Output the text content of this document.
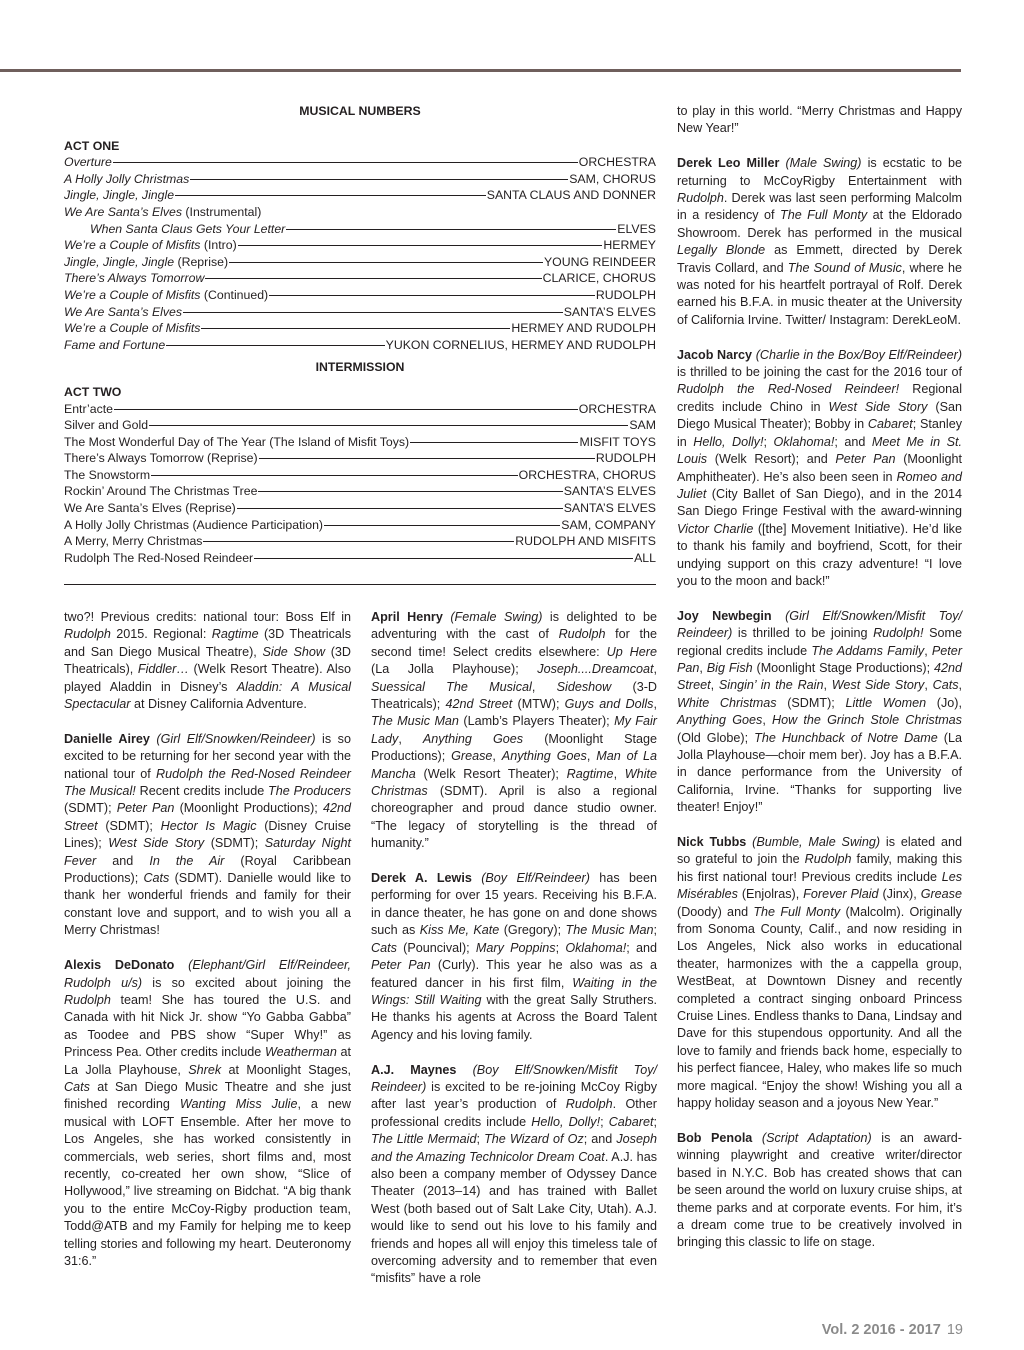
MUSICAL NUMBERS
ACT ONE
Overture	ORCHESTRA
A Holly Jolly Christmas	SAM, CHORUS
Jingle, Jingle, Jingle	SANTA CLAUS AND DONNER
We Are Santa’s Elves (Instrumental)
When Santa Claus Gets Your Letter	ELVES
We’re a Couple of Misfits (Intro)	HERMEY
Jingle, Jingle, Jingle (Reprise)	YOUNG REINDEER
There’s Always Tomorrow	CLARICE, CHORUS
We’re a Couple of Misfits (Continued)	RUDOLPH
We Are Santa’s Elves	SANTA’S ELVES
We’re a Couple of Misfits	HERMEY AND RUDOLPH
Fame and Fortune	YUKON CORNELIUS, HERMEY AND RUDOLPH
INTERMISSION
ACT TWO
Entr’acte	ORCHESTRA
Silver and Gold	SAM
The Most Wonderful Day of The Year (The Island of Misfit Toys)	MISFIT TOYS
There’s Always Tomorrow (Reprise)	RUDOLPH
The Snowstorm	ORCHESTRA, CHORUS
Rockin’ Around The Christmas Tree	SANTA’S ELVES
We Are Santa’s Elves (Reprise)	SANTA’S ELVES
A Holly Jolly Christmas (Audience Participation)	SAM, COMPANY
A Merry, Merry Christmas	RUDOLPH AND MISFITS
Rudolph The Red-Nosed Reindeer	ALL

two?! Previous credits: national tour: Boss Elf in Rudolph 2015. Regional: Ragtime (3D Theatricals and San Diego Musical Theatre), Side Show (3D Theatricals), Fiddler… (Welk Resort Theatre). Also played Aladdin in Disney’s Aladdin: A Musical Spectacular at Disney California Adventure.

Danielle Airey (Girl Elf/Snowken/Reindeer) is so excited to be returning for her second year with the national tour of Rudolph the Red-Nosed Reindeer The Musical! Recent credits include The Producers (SDMT); Peter Pan (Moonlight Productions); 42nd Street (SDMT); Hector Is Magic (Disney Cruise Lines); West Side Story (SDMT); Saturday Night Fever and In the Air (Royal Caribbean Productions); Cats (SDMT). Danielle would like to thank her wonderful friends and family for their constant love and support, and to wish you all a Merry Christmas!

Alexis DeDonato (Elephant/Girl Elf/Reindeer, Rudolph u/s) is so excited about joining the Rudolph team! She has toured the U.S. and Canada with hit Nick Jr. show “Yo Gabba Gabba” as Toodee and PBS show “Super Why!” as Princess Pea. Other credits include Weatherman at La Jolla Playhouse, Shrek at Moonlight Stages, Cats at San Diego Music Theatre and she just finished recording Wanting Miss Julie, a new musical with LOFT Ensemble. After her move to Los Angeles, she has worked consistently in commercials, web series, short films and, most recently, co-created her own show, “Slice of Hollywood,” live streaming on Bidchat. “A big thank you to the entire McCoy-Rigby production team, Todd@ATB and my Family for helping me to keep telling stories and following my heart. Deuteronomy 31:6.”

April Henry (Female Swing) is delighted to be adventuring with the cast of Rudolph for the second time! Select credits elsewhere: Up Here (La Jolla Playhouse); Joseph....Dreamcoat, Suessical The Musical, Sideshow (3-D Theatricals); 42nd Street (MTW); Guys and Dolls, The Music Man (Lamb’s Players Theater); My Fair Lady, Anything Goes (Moonlight Stage Productions); Grease, Anything Goes, Man of La Mancha (Welk Resort Theater); Ragtime, White Christmas (SDMT). April is also a regional choreographer and proud dance studio owner. “The legacy of storytelling is the thread of humanity.”

Derek A. Lewis (Boy Elf/Reindeer) has been performing for over 15 years. Receiving his B.F.A. in dance theater, he has gone on and done shows such as Kiss Me, Kate (Gregory); The Music Man; Cats (Pouncival); Mary Poppins; Oklahoma!; and Peter Pan (Curly). This year he also was as a featured dancer in his first film, Waiting in the Wings: Still Waiting with the great Sally Struthers. He thanks his agents at Across the Board Talent Agency and his loving family.

A.J. Maynes (Boy Elf/Snowken/Misfit Toy/ Reindeer) is excited to be re-joining McCoy Rigby after last year’s production of Rudolph. Other professional credits include Hello, Dolly!; Cabaret; The Little Mermaid; The Wizard of Oz; and Joseph and the Amazing Technicolor Dream Coat. A.J. has also been a company member of Odyssey Dance Theater (2013–14) and has trained with Ballet West (both based out of Salt Lake City, Utah). A.J. would like to send out his love to his family and friends and hopes all will enjoy this timeless tale of overcoming adversity and to remember that even “misfits” have a role

to play in this world. “Merry Christmas and Happy New Year!”

Derek Leo Miller (Male Swing) is ecstatic to be returning to McCoyRigby Entertainment with Rudolph. Derek was last seen performing Malcolm in a residency of The Full Monty at the Eldorado Showroom. Derek has performed in the musical Legally Blonde as Emmett, directed by Derek Travis Collard, and The Sound of Music, where he was noted for his heartfelt portrayal of Rolf. Derek earned his B.F.A. in music theater at the University of California Irvine. Twitter/ Instagram: DerekLeoM.

Jacob Narcy (Charlie in the Box/Boy Elf/Reindeer) is thrilled to be joining the cast for the 2016 tour of Rudolph the Red-Nosed Reindeer! Regional credits include Chino in West Side Story (San Diego Musical Theater); Bobby in Cabaret; Stanley in Hello, Dolly!; Oklahoma!; and Meet Me in St. Louis (Welk Resort); and Peter Pan (Moonlight Amphitheater). He’s also been seen in Romeo and Juliet (City Ballet of San Diego), and in the 2014 San Diego Fringe Festival with the award-winning Victor Charlie ([the] Movement Initiative). He’d like to thank his family and boyfriend, Scott, for their undying support on this crazy adventure! “I love you to the moon and back!”

Joy Newbegin (Girl Elf/Snowken/Misfit Toy/ Reindeer) is thrilled to be joining Rudolph! Some regional credits include The Addams Family, Peter Pan, Big Fish (Moonlight Stage Productions); 42nd Street, Singin’ in the Rain, West Side Story, Cats, White Christmas (SDMT); Little Women (Jo), Anything Goes, How the Grinch Stole Christmas (Old Globe); The Hunchback of Notre Dame (La Jolla Playhouse—choir mem ber). Joy has a B.F.A. in dance performance from the University of California, Irvine. “Thanks for supporting live theater! Enjoy!”

Nick Tubbs (Bumble, Male Swing) is elated and so grateful to join the Rudolph family, making this his first national tour! Previous credits include Les Misérables (Enjolras), Forever Plaid (Jinx), Grease (Doody) and The Full Monty (Malcolm). Originally from Sonoma County, Calif., and now residing in Los Angeles, Nick also works in educational theater, harmonizes with the a cappella group, WestBeat, at Downtown Disney and recently completed a contract singing onboard Princess Cruise Lines. Endless thanks to Dana, Lindsay and Dave for this stupendous opportunity. And all the love to family and friends back home, especially to his perfect fiancee, Haley, who makes life so much more magical. “Enjoy the show! Wishing you all a happy holiday season and a joyous New Year.”

Bob Penola (Script Adaptation) is an award-winning playwright and creative writer/director based in N.Y.C. Bob has created shows that can be seen around the world on luxury cruise ships, at theme parks and at corporate events. For him, it’s a dream come true to be creatively involved in bringing this classic to life on stage.

Vol. 2 2016 - 2017 19
